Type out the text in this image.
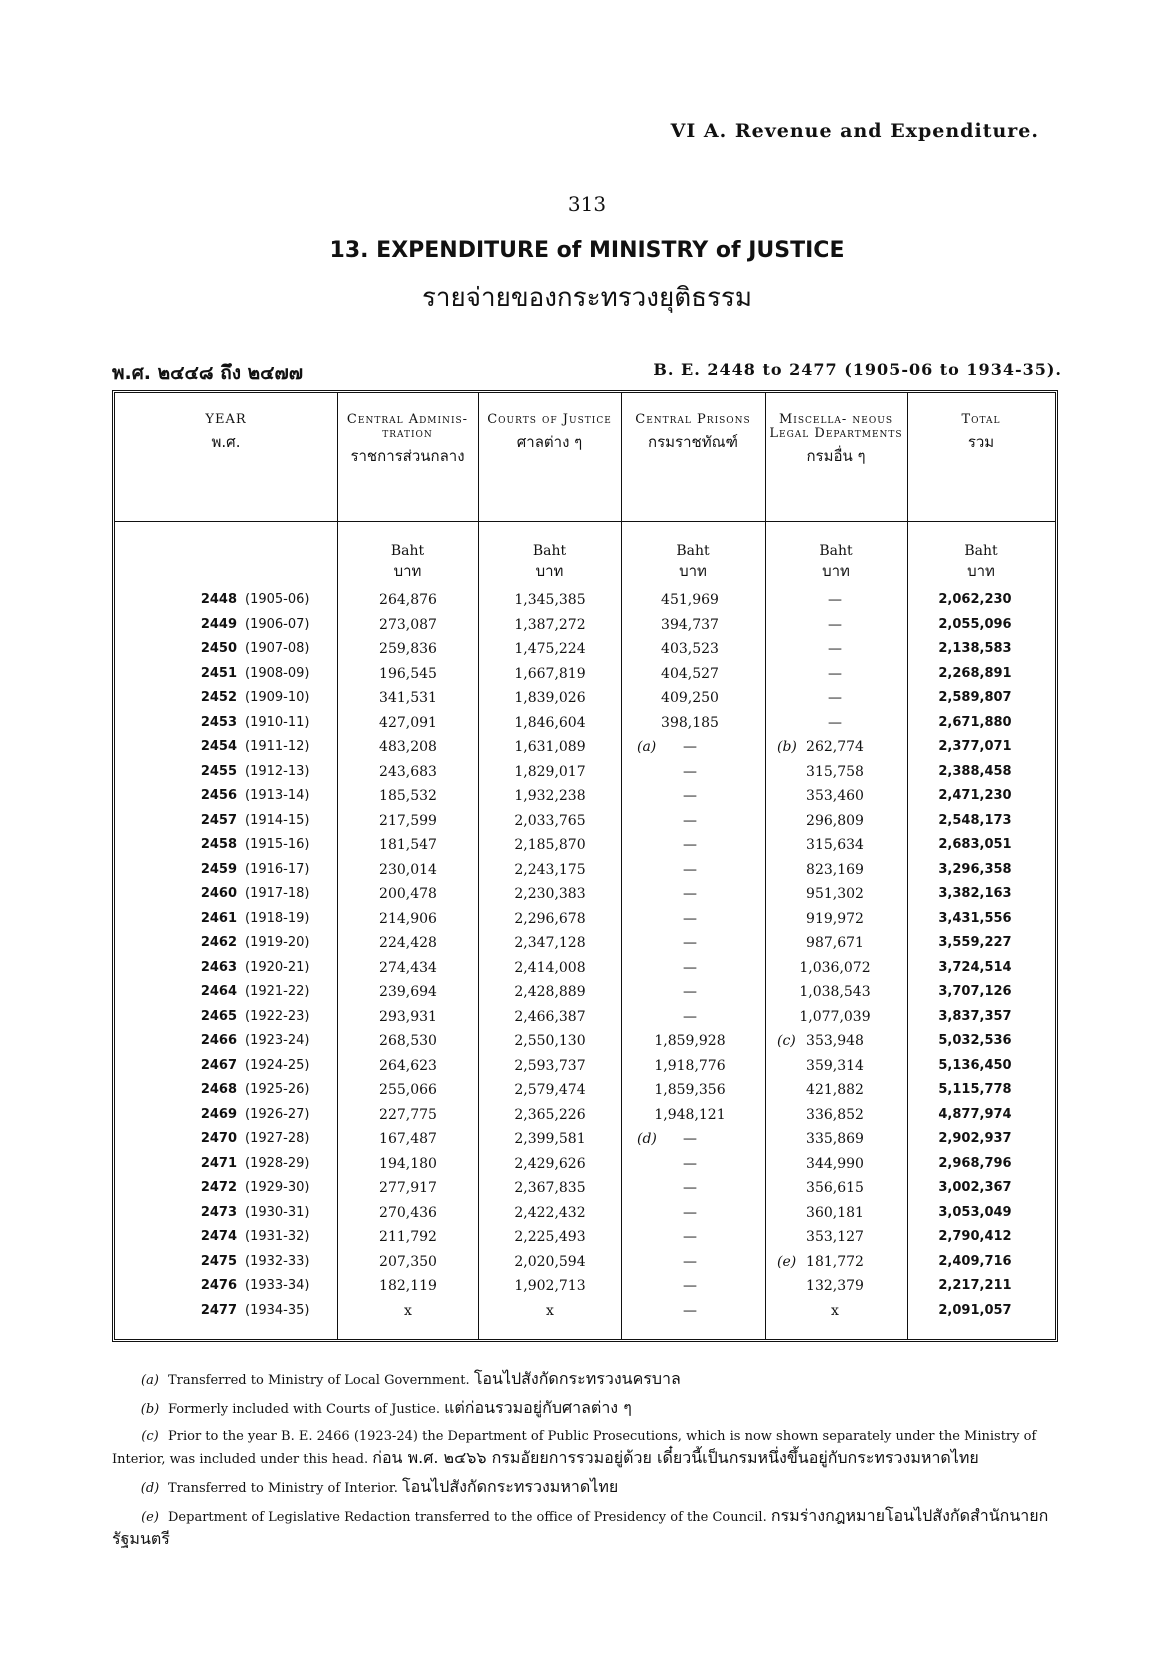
VI A. Revenue and Expenditure.
313
13. EXPENDITURE of MINISTRY of JUSTICE
รายจ่ายของกระทรวงยุติธรรม
พ.ศ. ๒๔๔๘ ถึง ๒๔๗๗	B. E. 2448 to 2477 (1905-06 to 1934-35).
YEAR
พ.ศ.
Central Adminis- tration
ราชการส่วนกลาง
Courts of Justice
ศาลต่าง ๆ
Central Prisons
กรมราชทัณฑ์
Miscella- neous Legal Departments
กรมอื่น ๆ
Total
รวม
Baht
บาท
Baht
บาท
Baht
บาท
Baht
บาท
Baht
บาท
2448 (1905-06)	264,876	1,345,385	451,969	—	2,062,230
2449 (1906-07)	273,087	1,387,272	394,737	—	2,055,096
2450 (1907-08)	259,836	1,475,224	403,523	—	2,138,583
2451 (1908-09)	196,545	1,667,819	404,527	—	2,268,891
2452 (1909-10)	341,531	1,839,026	409,250	—	2,589,807
2453 (1910-11)	427,091	1,846,604	398,185	—	2,671,880
2454 (1911-12)	483,208	1,631,089	—	262,774	2,377,071
(a)	(b)
2455 (1912-13)	243,683	1,829,017	—	315,758	2,388,458
2456 (1913-14)	185,532	1,932,238	—	353,460	2,471,230
2457 (1914-15)	217,599	2,033,765	—	296,809	2,548,173
2458 (1915-16)	181,547	2,185,870	—	315,634	2,683,051
2459 (1916-17)	230,014	2,243,175	—	823,169	3,296,358
2460 (1917-18)	200,478	2,230,383	—	951,302	3,382,163
2461 (1918-19)	214,906	2,296,678	—	919,972	3,431,556
2462 (1919-20)	224,428	2,347,128	—	987,671	3,559,227
2463 (1920-21)	274,434	2,414,008	—	1,036,072	3,724,514
2464 (1921-22)	239,694	2,428,889	—	1,038,543	3,707,126
2465 (1922-23)	293,931	2,466,387	—	1,077,039	3,837,357
2466 (1923-24)	268,530	2,550,130	1,859,928	353,948	5,032,536
(c)
2467 (1924-25)	264,623	2,593,737	1,918,776	359,314	5,136,450
2468 (1925-26)	255,066	2,579,474	1,859,356	421,882	5,115,778
2469 (1926-27)	227,775	2,365,226	1,948,121	336,852	4,877,974
2470 (1927-28)	167,487	2,399,581	—	335,869	2,902,937
(d)
2471 (1928-29)	194,180	2,429,626	—	344,990	2,968,796
2472 (1929-30)	277,917	2,367,835	—	356,615	3,002,367
2473 (1930-31)	270,436	2,422,432	—	360,181	3,053,049
2474 (1931-32)	211,792	2,225,493	—	353,127	2,790,412
2475 (1932-33)	207,350	2,020,594	—	181,772	2,409,716
(e)
2476 (1933-34)	182,119	1,902,713	—	132,379	2,217,211
2477 (1934-35)	x	x	—	x	2,091,057
(a) Transferred to Ministry of Local Government. โอนไปสังกัดกระทรวงนครบาล
(b) Formerly included with Courts of Justice. แต่ก่อนรวมอยู่กับศาลต่าง ๆ
(c) Prior to the year B. E. 2466 (1923-24) the Department of Public Prosecutions, which is now shown separately under the Ministry of Interior, was included under this head. ก่อน พ.ศ. ๒๔๖๖ กรมอัยยการรวมอยู่ด้วย เดี๋ยวนี้เป็นกรมหนึ่งขึ้นอยู่กับกระทรวงมหาดไทย
(d) Transferred to Ministry of Interior. โอนไปสังกัดกระทรวงมหาดไทย
(e) Department of Legislative Redaction transferred to the office of Presidency of the Council. กรมร่างกฎหมายโอนไปสังกัดสำนักนายกรัฐมนตรี
